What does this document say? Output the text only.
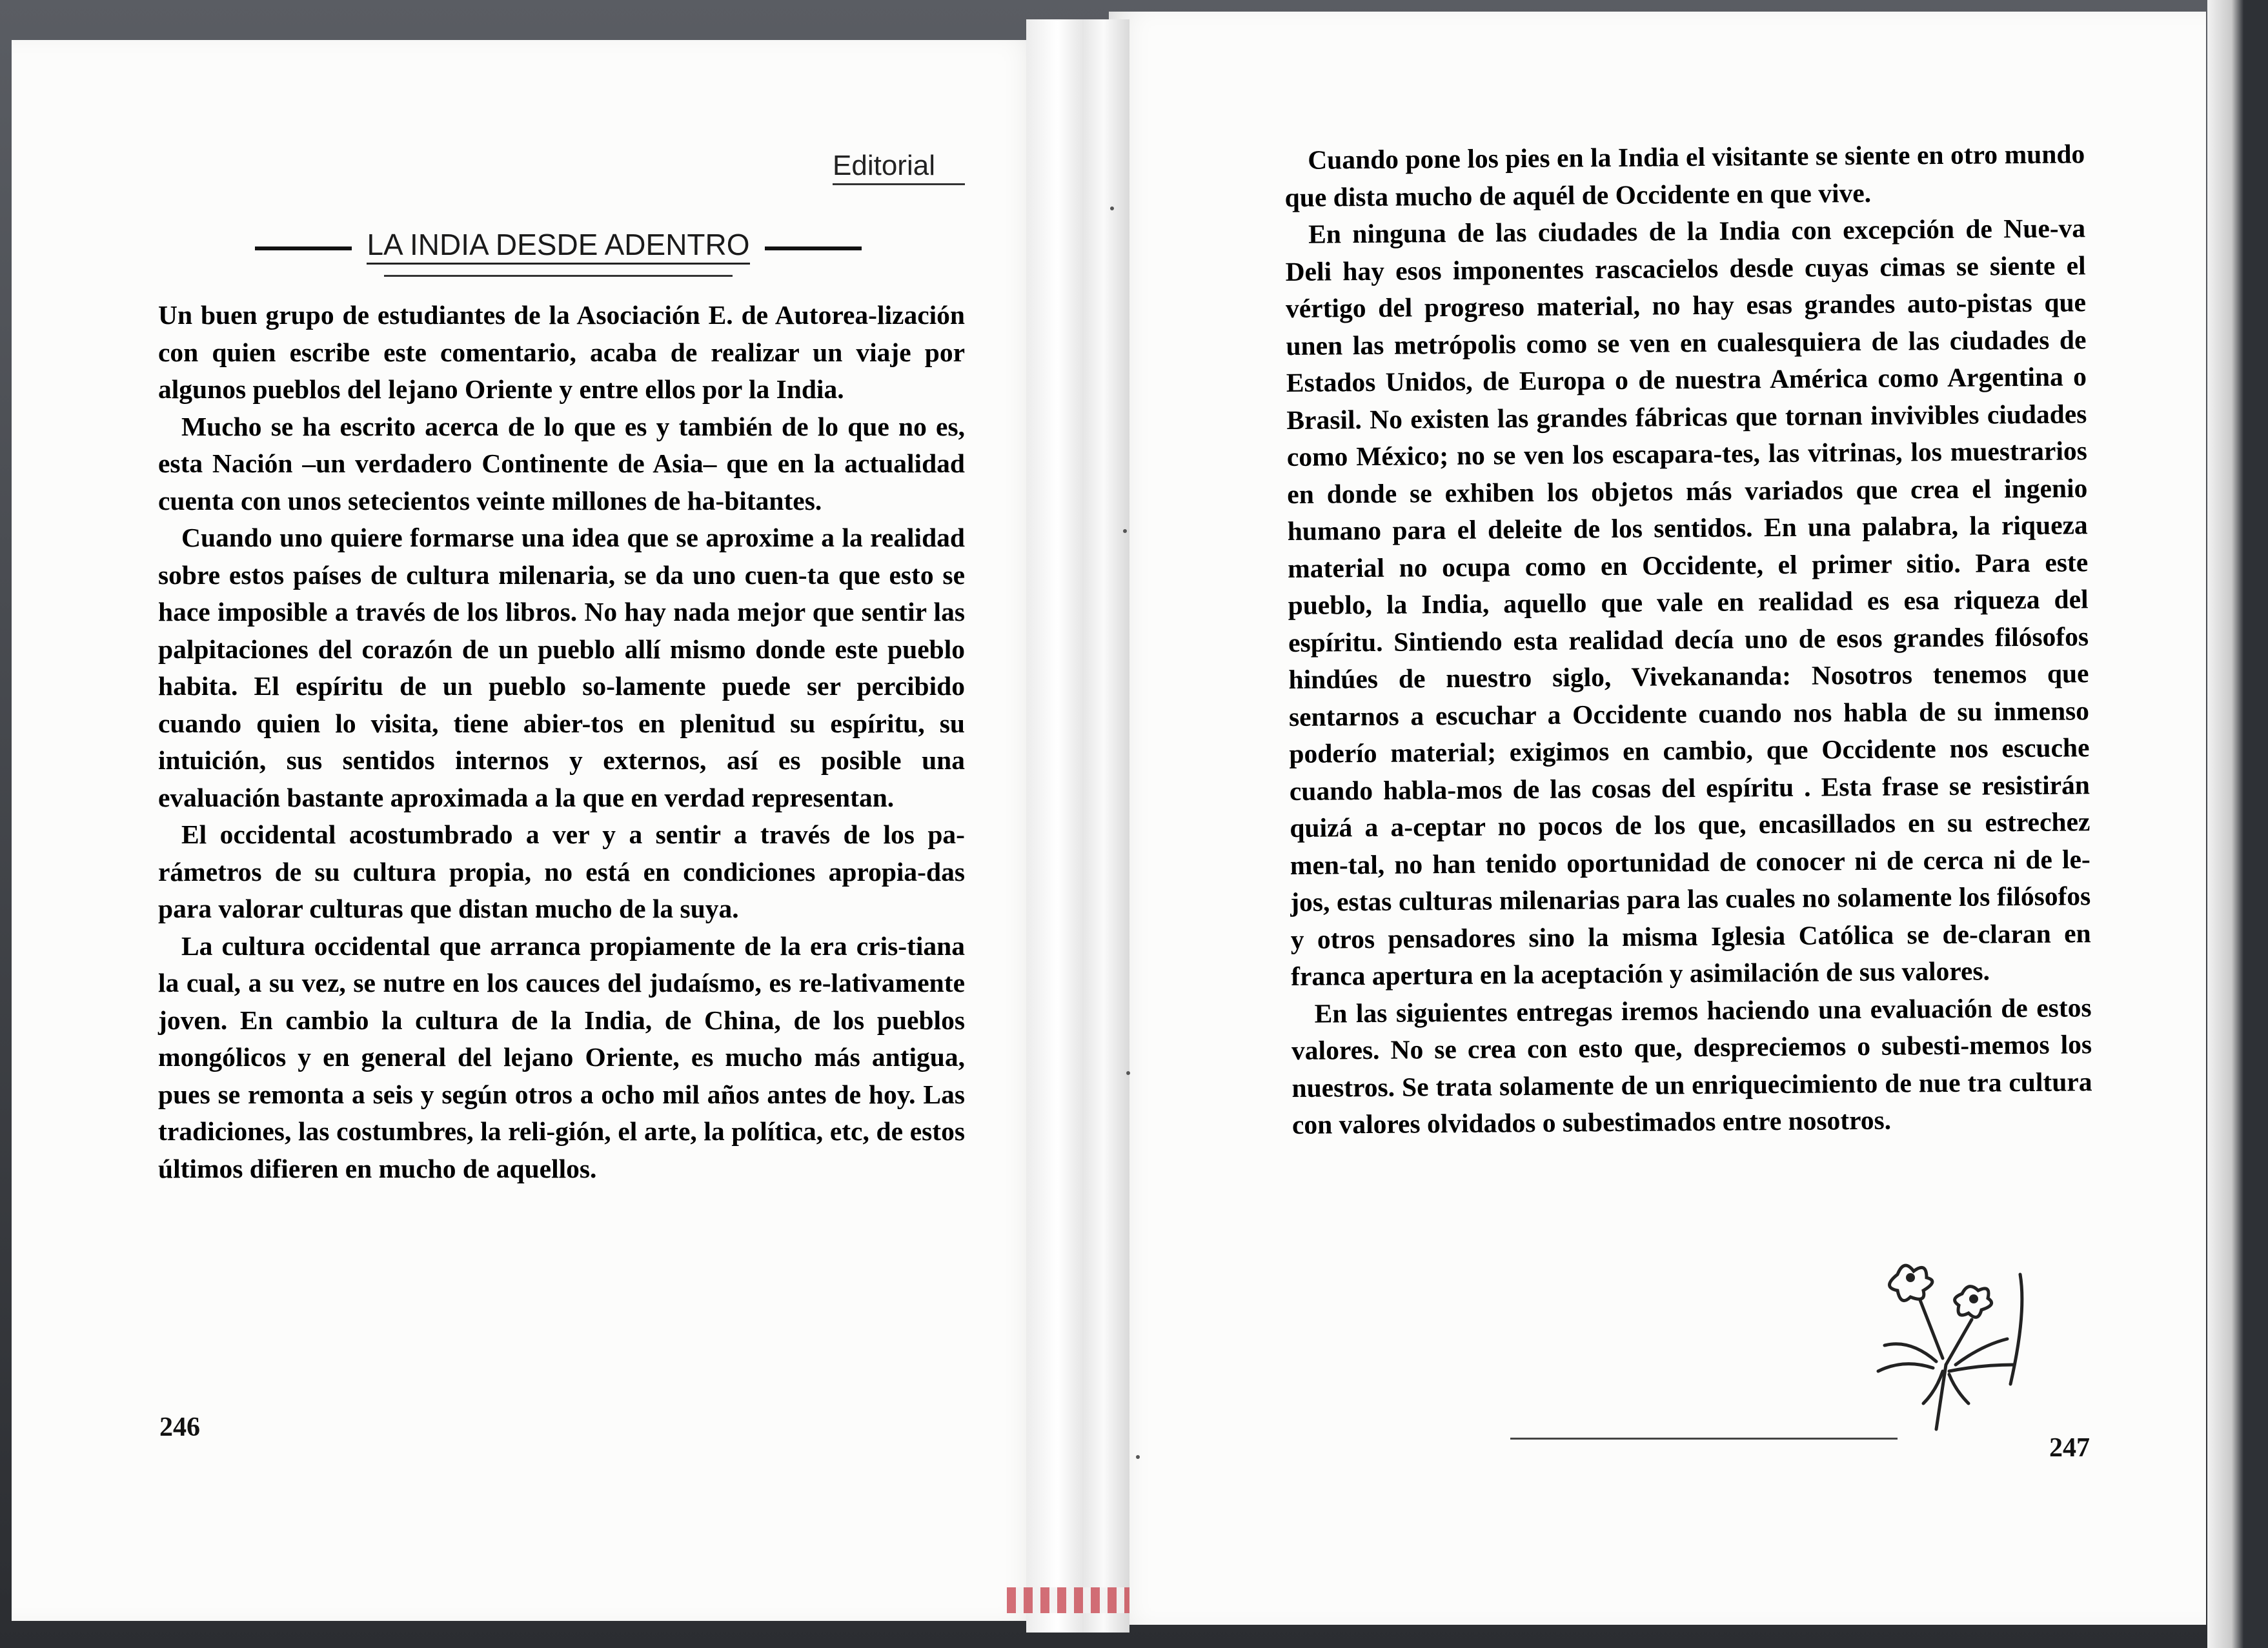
Editorial
LA INDIA DESDE ADENTRO

Un buen grupo de estudiantes de la Asociación E. de Autorea-lización con quien escribe este comentario, acaba de realizar un viaje por algunos pueblos del lejano Oriente y entre ellos por la India.

Mucho se ha escrito acerca de lo que es y también de lo que no es, esta Nación –un verdadero Continente de Asia– que en la actualidad cuenta con unos setecientos veinte millones de ha-bitantes.

Cuando uno quiere formarse una idea que se aproxime a la realidad sobre estos países de cultura milenaria, se da uno cuen-ta que esto se hace imposible a través de los libros. No hay nada mejor que sentir las palpitaciones del corazón de un pueblo allí mismo donde este pueblo habita. El espíritu de un pueblo so-lamente puede ser percibido cuando quien lo visita, tiene abier-tos en plenitud su espíritu, su intuición, sus sentidos internos y externos, así es posible una evaluación bastante aproximada a la que en verdad representan.

El occidental acostumbrado a ver y a sentir a través de los pa-rámetros de su cultura propia, no está en condiciones apropia-das para valorar culturas que distan mucho de la suya.

La cultura occidental que arranca propiamente de la era cris-tiana la cual, a su vez, se nutre en los cauces del judaísmo, es re-lativamente joven. En cambio la cultura de la India, de China, de los pueblos mongólicos y en general del lejano Oriente, es mucho más antigua, pues se remonta a seis y según otros a ocho mil años antes de hoy. Las tradiciones, las costumbres, la reli-gión, el arte, la política, etc, de estos últimos difieren en mucho de aquellos.

246

Cuando pone los pies en la India el visitante se siente en otro mundo que dista mucho de aquél de Occidente en que vive.

En ninguna de las ciudades de la India con excepción de Nue-va Deli hay esos imponentes rascacielos desde cuyas cimas se siente el vértigo del progreso material, no hay esas grandes auto-pistas que unen las metrópolis como se ven en cualesquiera de las ciudades de Estados Unidos, de Europa o de nuestra América como Argentina o Brasil. No existen las grandes fábricas que tornan invivibles ciudades como México; no se ven los escapara-tes, las vitrinas, los muestrarios en donde se exhiben los objetos más variados que crea el ingenio humano para el deleite de los sentidos. En una palabra, la riqueza material no ocupa como en Occidente, el primer sitio. Para este pueblo, la India, aquello que vale en realidad es esa riqueza del espíritu. Sintiendo esta realidad decía uno de esos grandes filósofos hindúes de nuestro siglo, Vivekananda: Nosotros tenemos que sentarnos a escuchar a Occidente cuando nos habla de su inmenso poderío material; exigimos en cambio, que Occidente nos escuche cuando habla-mos de las cosas del espíritu . Esta frase se resistirán quizá a a-ceptar no pocos de los que, encasillados en su estrechez men-tal, no han tenido oportunidad de conocer ni de cerca ni de le-jos, estas culturas milenarias para las cuales no solamente los filósofos y otros pensadores sino la misma Iglesia Católica se de-claran en franca apertura en la aceptación y asimilación de sus valores.

En las siguientes entregas iremos haciendo una evaluación de estos valores. No se crea con esto que, despreciemos o subesti-memos los nuestros. Se trata solamente de un enriquecimiento de nue tra cultura con valores olvidados o subestimados entre nosotros.

247
